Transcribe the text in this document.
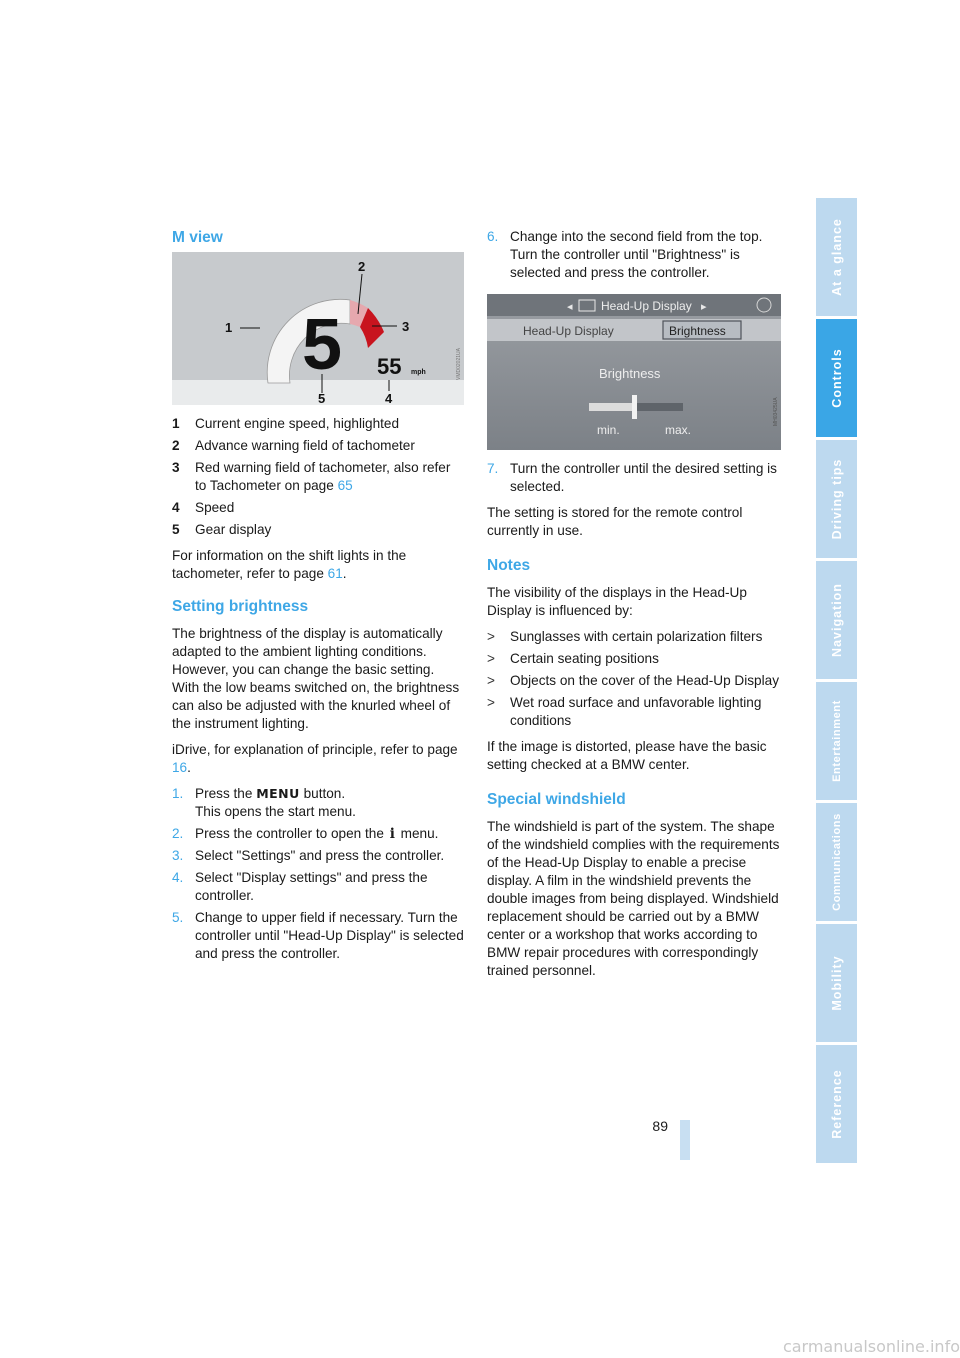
M view
5 55 mph
1
2
3
4
5
VMD02021UA
1	Current engine speed, highlighted
2	Advance warning field of tachometer
3	Red warning field of tachometer, also refer to Tachometer on page 65
4	Speed
5	Gear display

For information on the shift lights in the tachometer, refer to page 61.

Setting brightness

The brightness of the display is automatically adapted to the ambient lighting conditions. However, you can change the basic setting. With the low beams switched on, the brightness can also be adjusted with the knurled wheel of the instrument lighting.

iDrive, for explanation of principle, refer to page 16.

1. Press the MENU button.
This opens the start menu.
2. Press the controller to open the i menu.
3. Select "Settings" and press the controller.
4. Select "Display settings" and press the controller.
5. Change to upper field if necessary. Turn the controller until "Head-Up Display" is selected and press the controller.
6. Change into the second field from the top. Turn the controller until "Brightness" is selected and press the controller.
◂ Head-Up Display ▸
Head-Up Display	Brightness
Brightness
min.	max.
MH03425UA
7. Turn the controller until the desired setting is selected.

The setting is stored for the remote control currently in use.

Notes

The visibility of the displays in the Head-Up Display is influenced by:

>	Sunglasses with certain polarization filters
>	Certain seating positions
>	Objects on the cover of the Head-Up Display
>	Wet road surface and unfavorable lighting conditions

If the image is distorted, please have the basic setting checked at a BMW center.

Special windshield

The windshield is part of the system. The shape of the windshield complies with the requirements of the Head-Up Display to enable a precise display. A film in the windshield prevents the double images from being displayed. Windshield replacement should be carried out by a BMW center or a workshop that works according to BMW repair procedures with correspondingly trained personnel.

At a glance
Controls
Driving tips
Navigation
Entertainment
Communications
Mobility
Reference
89
carmanualsonline.info
